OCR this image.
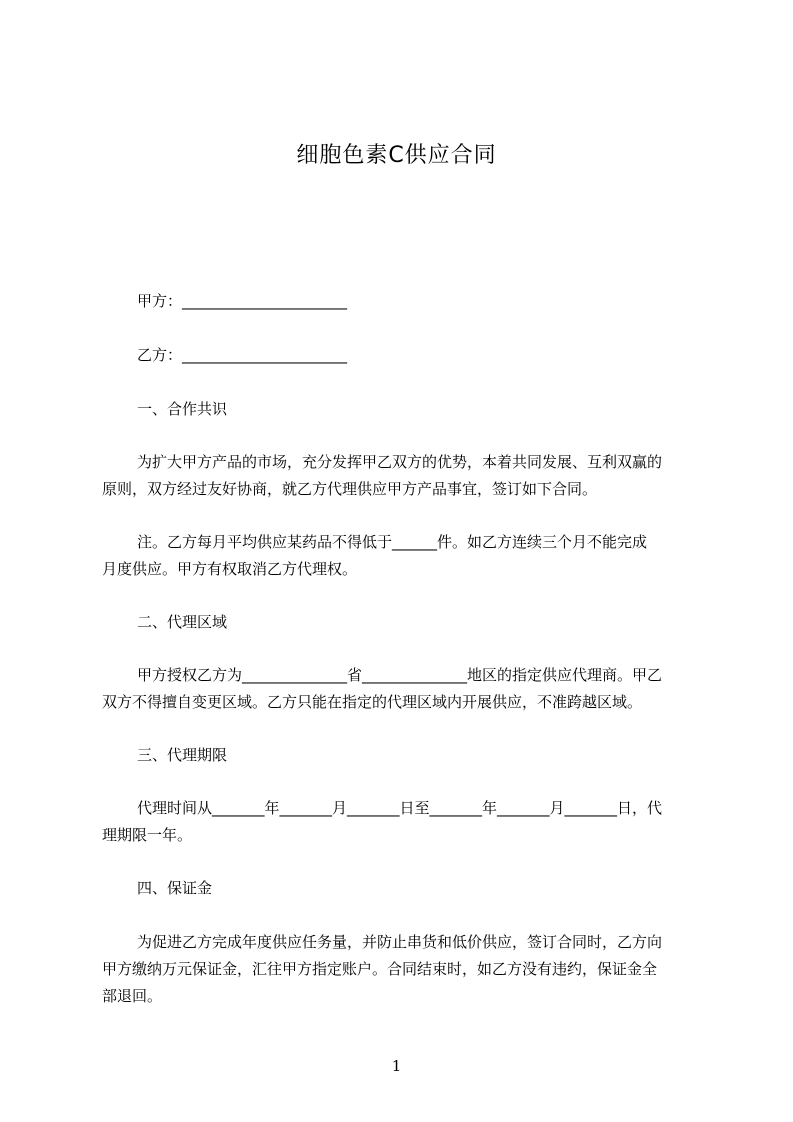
细胞色素C供应合同
甲方：______________________
乙方：______________________
一、合作共识
为扩大甲方产品的市场，充分发挥甲乙双方的优势，本着共同发展、互利双赢的
原则，双方经过友好协商，就乙方代理供应甲方产品事宜，签订如下合同。
注。乙方每月平均供应某药品不得低于______件。如乙方连续三个月不能完成
月度供应。甲方有权取消乙方代理权。
二、代理区域
甲方授权乙方为______________省______________地区的指定供应代理商。甲乙
双方不得擅自变更区域。乙方只能在指定的代理区域内开展供应，不准跨越区域。
三、代理期限
代理时间从_______年_______月_______日至_______年_______月_______日，代
理期限一年。
四、保证金
为促进乙方完成年度供应任务量，并防止串货和低价供应，签订合同时，乙方向
甲方缴纳万元保证金，汇往甲方指定账户。合同结束时，如乙方没有违约，保证金全
部退回。
1
